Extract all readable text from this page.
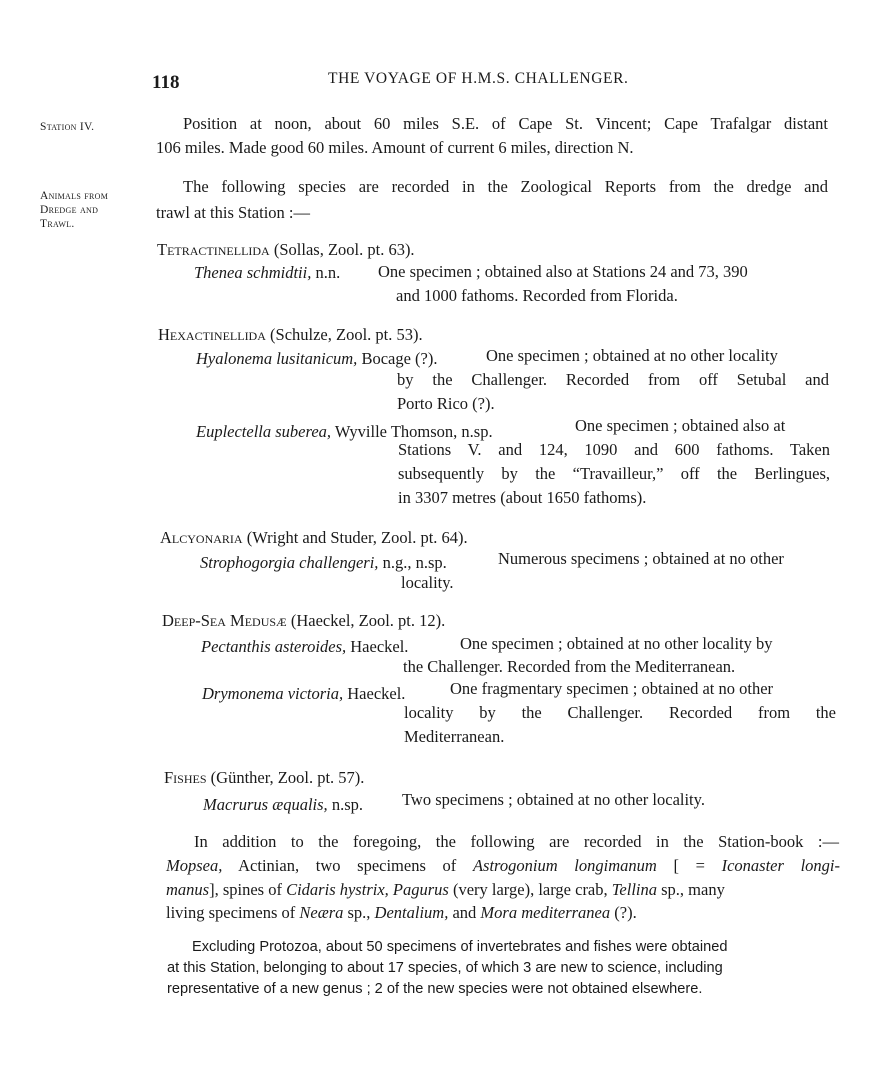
118	THE VOYAGE OF H.M.S. CHALLENGER.
Station IV.
Animals from
Dredge and
Trawl.
Position at noon, about 60 miles S.E. of Cape St. Vincent; Cape Trafalgar distant
106 miles. Made good 60 miles. Amount of current 6 miles, direction N.
The following species are recorded in the Zoological Reports from the dredge and
trawl at this Station :—
Tetractinellida (Sollas, Zool. pt. 63).
Thenea schmidtii, n.n. One specimen ; obtained also at Stations 24 and 73, 390
and 1000 fathoms. Recorded from Florida.
Hexactinellida (Schulze, Zool. pt. 53).
Hyalonema lusitanicum, Bocage (?).	One specimen ; obtained at no other locality
by the Challenger. Recorded from off Setubal and
Porto Rico (?).
Euplectella suberea, Wyville Thomson, n.sp.	One specimen ; obtained also at
Stations V. and 124, 1090 and 600 fathoms. Taken
subsequently by the “Travailleur,” off the Berlingues,
in 3307 metres (about 1650 fathoms).
Alcyonaria (Wright and Studer, Zool. pt. 64).
Strophogorgia challengeri, n.g., n.sp.	Numerous specimens ; obtained at no other
locality.
Deep-Sea Medusæ (Haeckel, Zool. pt. 12).
Pectanthis asteroides, Haeckel.	One specimen ; obtained at no other locality by
the Challenger. Recorded from the Mediterranean.
Drymonema victoria, Haeckel.	One fragmentary specimen ; obtained at no other
locality by the Challenger. Recorded from the
Mediterranean.
Fishes (Günther, Zool. pt. 57).
Macrurus æqualis, n.sp. Two specimens ; obtained at no other locality.
In addition to the foregoing, the following are recorded in the Station-book :—
Mopsea, Actinian, two specimens of Astrogonium longimanum [ = Iconaster longi-
manus], spines of Cidaris hystrix, Pagurus (very large), large crab, Tellina sp., many
living specimens of Neæra sp., Dentalium, and Mora mediterranea (?).
Excluding Protozoa, about 50 specimens of invertebrates and fishes were obtained
at this Station, belonging to about 17 species, of which 3 are new to science, including
representative of a new genus ; 2 of the new species were not obtained elsewhere.
